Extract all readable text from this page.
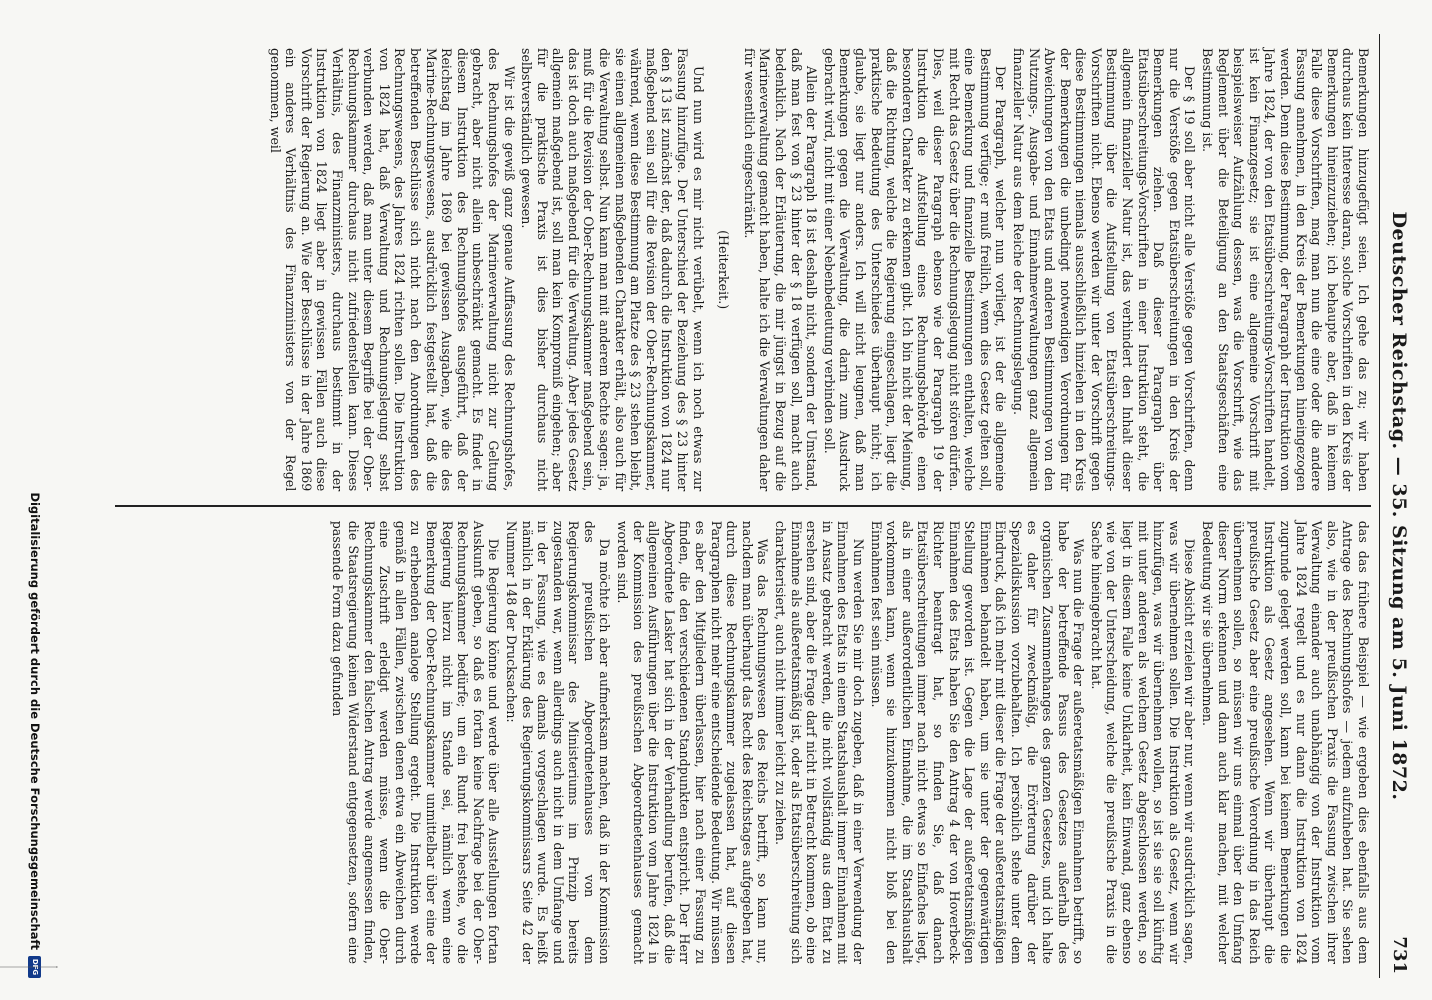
Deutscher Reichstag. — 35. Sitzung am 5. Juni 1872.
731

Bemerkungen hinzugefügt seien. Ich gehe das zu; wir haben durchaus kein Interesse daran, solche Vorschriften in den Kreis der Bemerkungen hineinzuziehen; ich behaupte aber, daß in keinem Falle diese Vorschriften, mag man nun die eine oder die andere Fassung annehmen, in den Kreis der Bemerkungen hineingezogen werden. Denn diese Bestimmung, der Paragraph der Instruktion vom Jahre 1824, der von den Etatsüberschreitungs-Vorschriften handelt, ist kein Finanzgesetz; sie ist eine allgemeine Vorschrift mit beispielsweiser Aufzählung dessen, was die Vorschrift, wie das Reglement über die Beteiligung an den Staatsgeschäften eine Bestimmung ist.

Der § 19 soll aber nicht alle Verstöße gegen Vorschriften, denn nur die Verstöße gegen Etatsüberschreitungen in den Kreis der Bemerkungen ziehen. Daß dieser Paragraph über Etatsüberschreitungs-Vorschriften in einer Instruktion steht, die allgemein finanzieller Natur ist, das verhindert den Inhalt dieser Bestimmung über die Aufstellung von Etatsüberschreitungs-Vorschriften nicht. Ebenso werden wir unter der Vorschrift gegen diese Bestimmungen niemals ausschließlich hinziehen in den Kreis der Bemerkungen die unbedingt notwendigen Verordnungen für Abweichungen von den Etats und anderen Bestimmungen von den Nutzungs-, Ausgabe- und Einnahmeverwaltungen ganz allgemein finanzieller Natur aus dem Reiche der Rechnungslegung.

Der Paragraph, welcher nun vorliegt, ist der die allgemeine Bestimmung verfüge; er muß freilich, wenn dies Gesetz gelten soll, eine Bemerkung und finanzielle Bestimmungen enthalten, welche mit Recht das Gesetz über die Rechnungslegung nicht stören dürfen. Dies, weil dieser Paragraph ebenso wie der Paragraph 19 der Instruktion die Aufstellung eines Rechnungsbehörde einen besonderen Charakter zu erkennen gibt. Ich bin nicht der Meinung, daß die Richtung, welche die Regierung eingeschlagen, liegt die praktische Bedeutung des Unterschiedes überhaupt nicht; ich glaube, sie liegt nur anders. Ich will nicht leugnen, daß man Bemerkungen gegen die Verwaltung, die darin zum Ausdruck gebracht wird, nicht mit einer Nebenbedeutung verbinden soll.

Allein der Paragraph 18 ist deshalb nicht, sondern der Umstand, daß man fest von § 23 hinter der § 18 verfügen soll, macht auch bedenklich. Nach der Erläuterung, die mir jüngst in Bezug auf die Marineverwaltung gemacht haben, halte ich die Verwaltungen daher für wesentlich eingeschränkt.

(Heiterkeit.)

Und nun wird es mir nicht verübelt, wenn ich noch etwas zur Fassung hinzufüge. Der Unterschied der Beziehung des § 23 hinter den § 13 ist zunächst der, daß dadurch die Instruktion von 1824 nur maßgebend sein soll für die Revision der Ober-Rechnungskammer, während, wenn diese Bestimmung am Platze des § 23 stehen bleibt, sie einen allgemeinen maßgebenden Charakter erhält, also auch für die Verwaltung selbst. Nun kann man mit anderem Rechte sagen: ja, muß für die Revision der Ober-Rechnungskammer maßgebend sein, das ist doch auch maßgebend für die Verwaltung. Aber jedes Gesetz allgemein maßgebend ist, soll man kein Kompromiß eingehen; aber für die praktische Praxis ist dies bisher durchaus nicht selbstverständlich gewesen.

Wir ist die gewiß ganz genaue Auffassung des Rechnungshofes, des Rechnungshofes der Marineverwaltung nicht zur Geltung gebracht, aber nicht allein unbeschränkt gemacht. Es findet in diesem Instruktion des Rechnungshofes ausgeführt, daß der Reichstag im Jahre 1869 bei gewissen Ausgaben, wie die des Marine-Rechnungswesens, ausdrücklich festgestellt hat, daß die betreffenden Beschlüsse sich nicht nach den Anordnungen des Rechnungswesens, des Jahres 1824 richten sollen. Die Instruktion von 1824 hat, daß Verwaltung und Rechnungslegung selbst verbunden werden, daß man unter diesem Begriffe bei der Ober-Rechnungskammer durchaus nicht zufriedenstellen kann. Dieses Verhältnis, des Finanzministers, durchaus bestimmt in der Instruktion von 1824 liegt aber in gewissen Fällen auch diese Vorschrift der Regierung an. Wie der Beschlüsse in der Jahre 1869 ein anderes Verhältnis des Finanzministers von der Regel genommen, weil

das das frühere Beispiel — wie ergeben dies ebenfalls aus dem Antrage des Rechnungshofes — jedem aufzuheben hat. Sie sehen also, wie in der preußischen Praxis die Fassung zwischen ihrer Verwaltung einander auch unabhängig von der Instruktion vom Jahre 1824 regelt und es nur dann die Instruktion von 1824 zugrunde gelegt werden soll, kann bei keinem Bemerkungen die Instruktion als Gesetz angesehen. Wenn wir überhaupt die preußische Gesetz aber eine preußische Verordnung in das Reich übernehmen sollen, so müssen wir uns einmal über den Umfang dieser Norm erkennen und dann auch klar machen, mit welcher Bedeutung wir sie übernehmen.

Diese Absicht erzielen wir aber nur, wenn wir ausdrücklich sagen, was wir übernehmen sollen. Die Instruktion als Gesetz, wenn wir hinzufügen, was wir übernehmen wollen, so ist sie sie soll künftig mit unter anderen als welchem Gesetz abgeschlossen werden, so liegt in diesem Falle keine Unklarheit, kein Einwand, ganz ebenso wie von der Unterscheidung, welche die preußische Praxis in die Sache hineingebracht hat.

Was nun die Frage der außeretatsmäßigen Einnahmen betrifft, so habe der betreffende Passus des Gesetzes außerhalb des organischen Zusammenhanges des ganzen Gesetzes, und ich halte es daher für zweckmäßig, die Erörterung darüber der Spezialdiskussion vorzubehalten. Ich persönlich stehe unter dem Eindruck, daß ich mehr mit dieser die Frage der außeretatsmäßigen Einnahmen behandelt haben, um sie unter der gegenwärtigen Stellung geworden ist. Gegen die Lage der außeretatsmäßigen Einnahmen des Etats haben Sie den Antrag 4 der von Hoverbeck-Richter beantragt hat, so finden Sie, daß danach Etatsüberschreitungen immer nach nicht etwas so Einfaches liegt, als in einer außerordentlichen Einnahme, die im Staatshaushalt vorkommen kann, wenn sie hinzukommen nicht bloß bei den Einnahmen fest sein müssen.

Nun werden Sie mir doch zugeben, daß in einer Verwendung der Einnahmen des Etats in einem Staatshaushalt immer Einnahmen mit in Ansatz gebracht werden, die nicht vollständig aus dem Etat zu ersehen sind, aber die Frage darf nicht in Betracht kommen, ob eine Einnahme als außeretatsmäßig ist, oder als Etatsüberschreitung sich charakterisiert, auch nicht immer leicht zu ziehen.

Was das Rechnungswesen des Reichs betrifft, so kann nur, nachdem man überhaupt das Recht des Reichstages aufgegeben hat, durch diese Rechnungskammer zugelassen hat, auf diesen Paragraphen nicht mehr eine entscheidende Bedeutung. Wir müssen es aber den Mitgliedern überlassen, hier nach einer Fassung zu finden, die den verschiedenen Standpunkten entspricht. Der Herr Abgeordnete Lasker hat sich in der Verhandlung berufen, daß die allgemeinen Ausführungen über die Instruktion vom Jahre 1824 in der Kommission des preußischen Abgeordnetenhauses gemacht worden sind.

Da möchte ich aber aufmerksam machen, daß in der Kommission des preußischen Abgeordnetenhauses von dem Regierungskommissar des Ministeriums im Prinzip bereits zugestanden war, wenn allerdings auch nicht in dem Umfange und in der Fassung, wie es damals vorgeschlagen wurde. Es heißt nämlich in der Erklärung des Regierungskommissars Seite 42 der Nummer 148 der Drucksachen:

Die Regierung könne und werde über alle Ausstellungen fortan Auskunft geben, so daß es fortan keine Nachfrage bei der Ober-Rechnungskammer bedürfe; um ein Rundt frei bestehe, wo die Regierung hierzu nicht im Stande sei, nämlich wenn eine Bemerkung der Ober-Rechnungskammer unmittelbar über eine der zu erhebenden analoge Stellung ergeht. Die Instruktion werde gemäß in allen Fällen, zwischen denen etwa ein Abweichen durch eine Zuschrift erledigt werden müsse, wenn die Ober-Rechnungskammer den falschen Antrag werde angemessen finden, die Staatsregierung keinen Widerstand entgegensetzen, sofern eine passende Form dazu gefunden

Digitalisierung gefördert durch die Deutsche Forschungsgemeinschaft
DFG
